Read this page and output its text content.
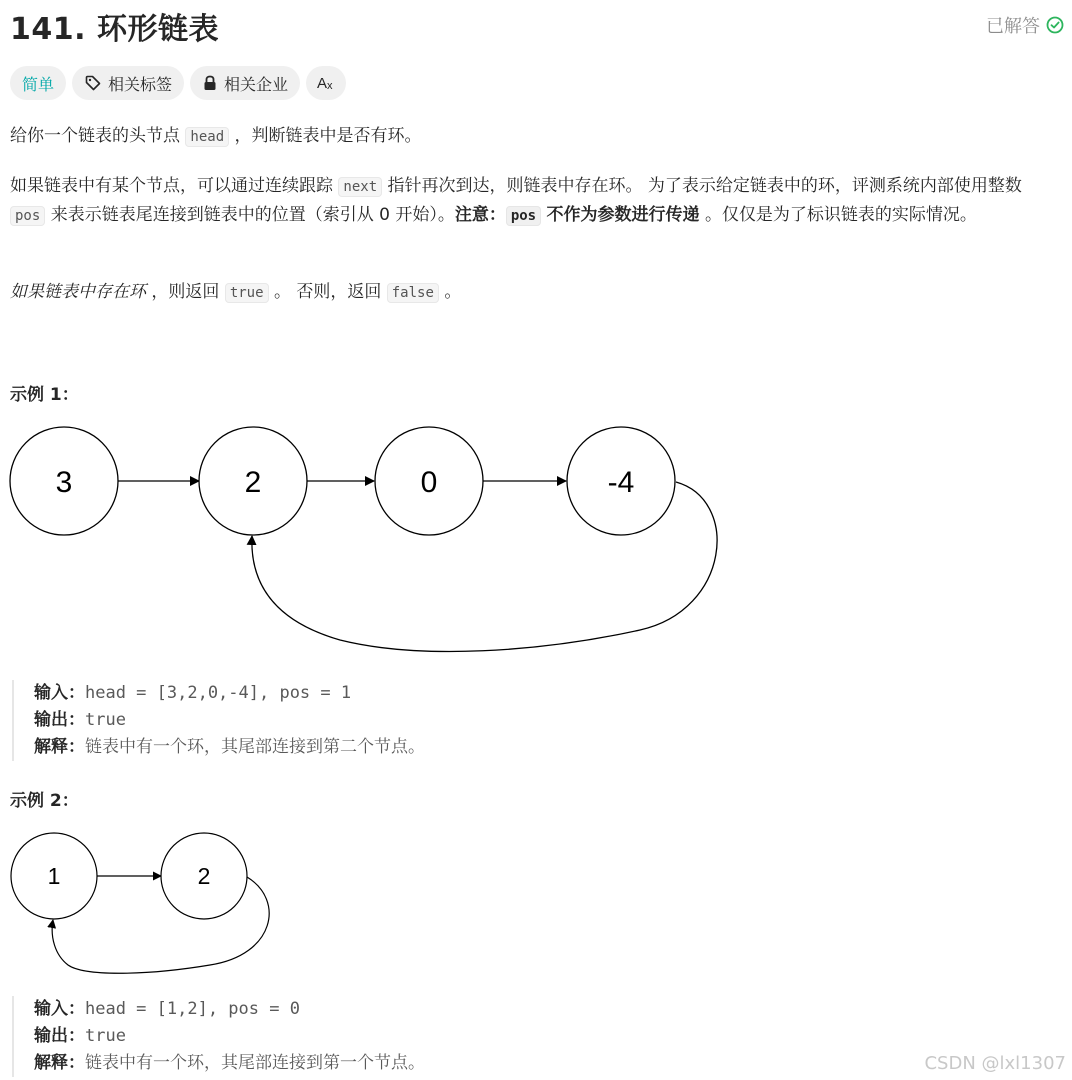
141. 环形链表	已解答
简单	相关标签	相关企业 A x
给你一个链表的头节点 head ，判断链表中是否有环。
如果链表中有某个节点，可以通过连续跟踪 next 指针再次到达，则链表中存在环。 为了表示给定链表中的环，评测系统内部使用整数 pos 来表示链表尾连接到链表中的位置（索引从 0 开始）。注意： pos 不作为参数进行传递 。仅仅是为了标识链表的实际情况。
如果链表中存在环 ，则返回 true 。 否则，返回 false 。
示例 1：
3	2	0	-4
输入：head = [3,2,0,-4], pos = 1
输出：true
解释：链表中有一个环，其尾部连接到第二个节点。
示例 2：
1	2
输入：head = [1,2], pos = 0
输出：true
解释：链表中有一个环，其尾部连接到第一个节点。	CSDN @lxl1307
